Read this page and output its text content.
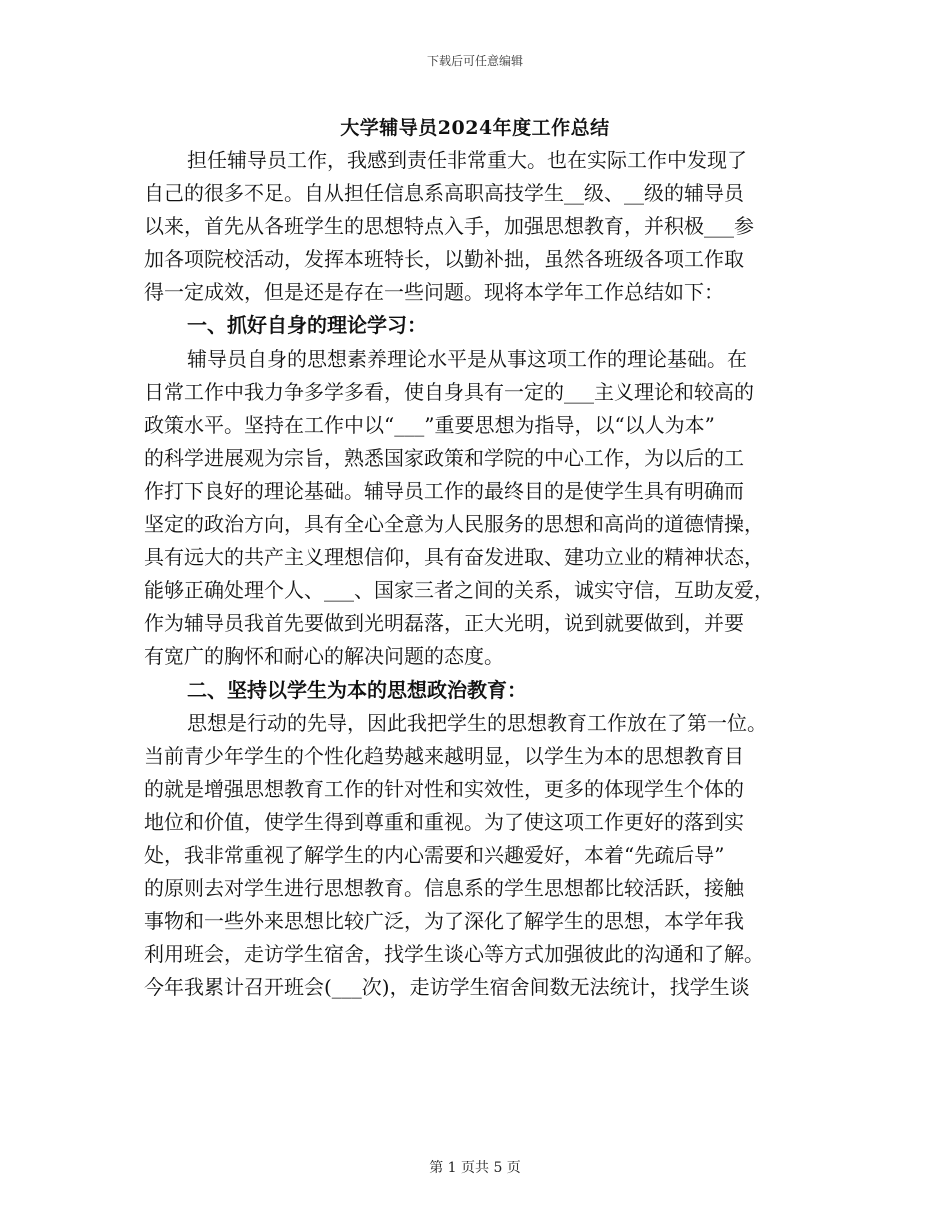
下载后可任意编辑
大学辅导员2024年度工作总结
担任辅导员工作，我感到责任非常重大。也在实际工作中发现了
自己的很多不足。自从担任信息系高职高技学生__级、__级的辅导员
以来，首先从各班学生的思想特点入手，加强思想教育，并积极___参
加各项院校活动，发挥本班特长，以勤补拙，虽然各班级各项工作取
得一定成效，但是还是存在一些问题。现将本学年工作总结如下：
一、抓好自身的理论学习：
辅导员自身的思想素养理论水平是从事这项工作的理论基础。在
日常工作中我力争多学多看，使自身具有一定的___主义理论和较高的
政策水平。坚持在工作中以“___”重要思想为指导，以“以人为本”
的科学进展观为宗旨，熟悉国家政策和学院的中心工作，为以后的工
作打下良好的理论基础。辅导员工作的最终目的是使学生具有明确而
坚定的政治方向，具有全心全意为人民服务的思想和高尚的道德情操，
具有远大的共产主义理想信仰，具有奋发进取、建功立业的精神状态，
能够正确处理个人、___、国家三者之间的关系，诚实守信，互助友爱，
作为辅导员我首先要做到光明磊落，正大光明，说到就要做到，并要
有宽广的胸怀和耐心的解决问题的态度。
二、坚持以学生为本的思想政治教育：
思想是行动的先导，因此我把学生的思想教育工作放在了第一位。
当前青少年学生的个性化趋势越来越明显，以学生为本的思想教育目
的就是增强思想教育工作的针对性和实效性，更多的体现学生个体的
地位和价值，使学生得到尊重和重视。为了使这项工作更好的落到实
处，我非常重视了解学生的内心需要和兴趣爱好，本着“先疏后导”
的原则去对学生进行思想教育。信息系的学生思想都比较活跃，接触
事物和一些外来思想比较广泛，为了深化了解学生的思想，本学年我
利用班会，走访学生宿舍，找学生谈心等方式加强彼此的沟通和了解。
今年我累计召开班会(___次)，走访学生宿舍间数无法统计，找学生谈
第 1 页共 5 页
